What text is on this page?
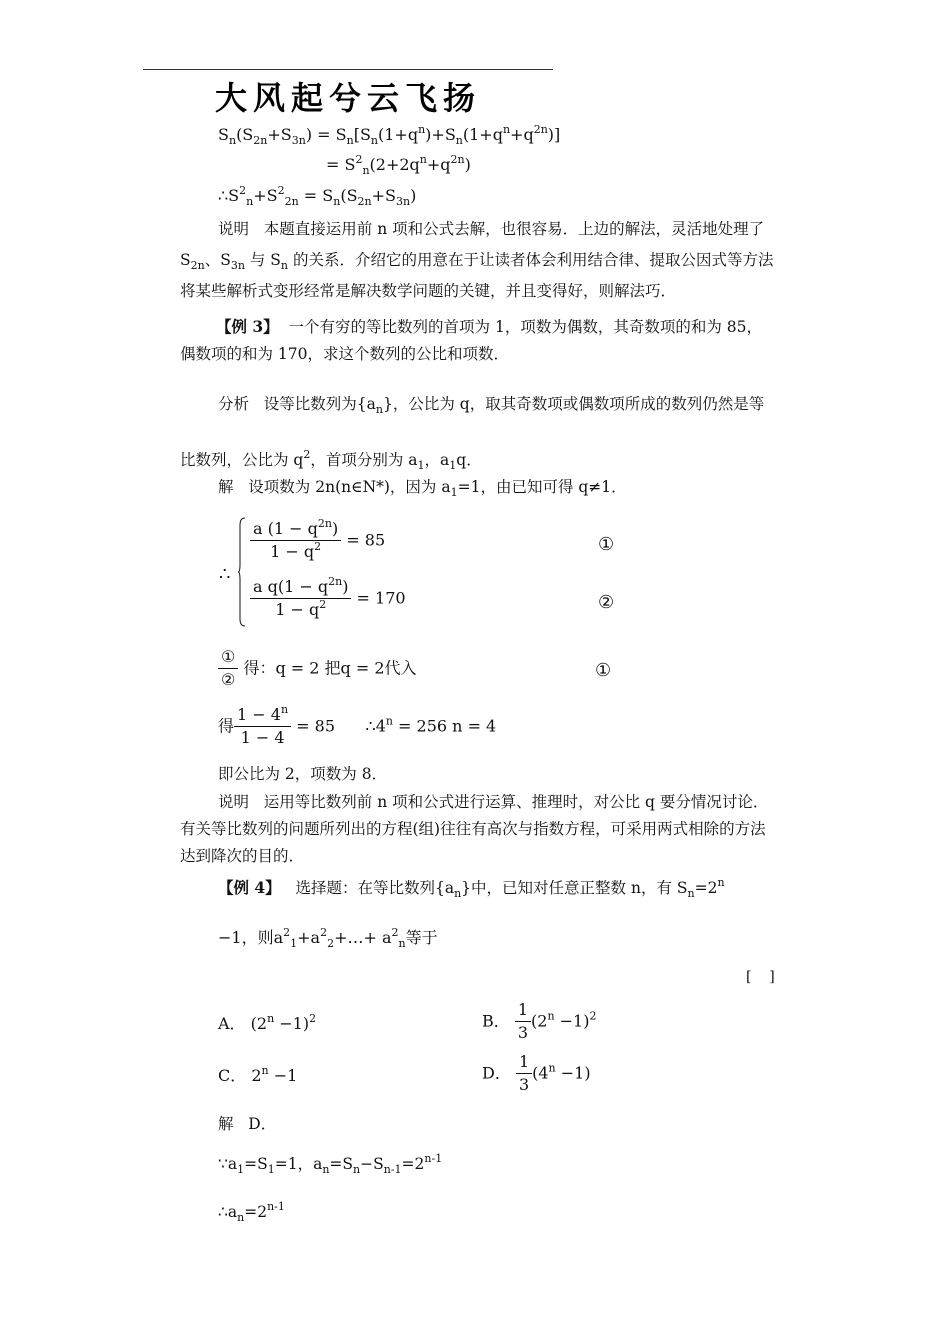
大风起兮云飞扬
$S_n(S_{2n}+S_{3n}) = S_n[S_n(1+q^n)+S_n(1+q^n+q^{2n})]$
= $S^2_n(2+2q^n+q^{2n})$
$\therefore S^2_n+S^2_{2n} = S_n(S_{2n}+S_{3n})$
说明 本题直接运用前 n 项和公式去解，也很容易．上边的解法，灵活地处理了 $S_{2n}$、$S_{3n}$ 与 $S_n$ 的关系．介绍它的用意在于让读者体会利用结合律、提取公因式等方法将某些解析式变形经常是解决数学问题的关键，并且变得好，则解法巧．
【例 3】 一个有穷的等比数列的首项为 1，项数为偶数，其奇数项的和为 85，偶数项的和为 170，求这个数列的公比和项数．
分析 设等比数列为$\{a_n\}$，公比为 q，取其奇数项或偶数项所成的数列仍然是等比数列，公比为 $q^2$，首项分别为 $a_1$，$a_1q$．
解 设项数为 2n(n∈N*)，因为 $a_1=1$，由已知可得 q≠1．
∴
$\frac{a (1 - q^{2n})}{1 - q^2} = 85$	①
$\frac{a q(1 - q^{2n})}{1 - q^2} = 170$	②
$\frac{\text{①}}{\text{②}}$ 得：q = 2 把q = 2代入	①
得 $\frac{1 - 4^n}{1 - 4} = 85$ $\therefore 4^n = 256$ n = 4
即公比为 2，项数为 8．
说明 运用等比数列前 n 项和公式进行运算、推理时，对公比 q 要分情况讨论．有关等比数列的问题所列出的方程(组)往往有高次与指数方程，可采用两式相除的方法达到降次的目的．
【例 4】 选择题：在等比数列$\{a_n\}$中，已知对任意正整数 n，有 $S_n=2^n$
−1，则$a^2_1+a^2_2+\dots+ a^2_n$等于
[    ]
A． $(2^n -1)^2$	B． $\frac{1}{3} (2^n -1)^2$
C． $2^n -1$	D． $\frac{1}{3} (4^n -1)$
解 D．
$\because a_1=S_1=1$，$a_n=S_n-S_{n-1}=2^{n-1}$
$\therefore a_n=2^{n-1}$
